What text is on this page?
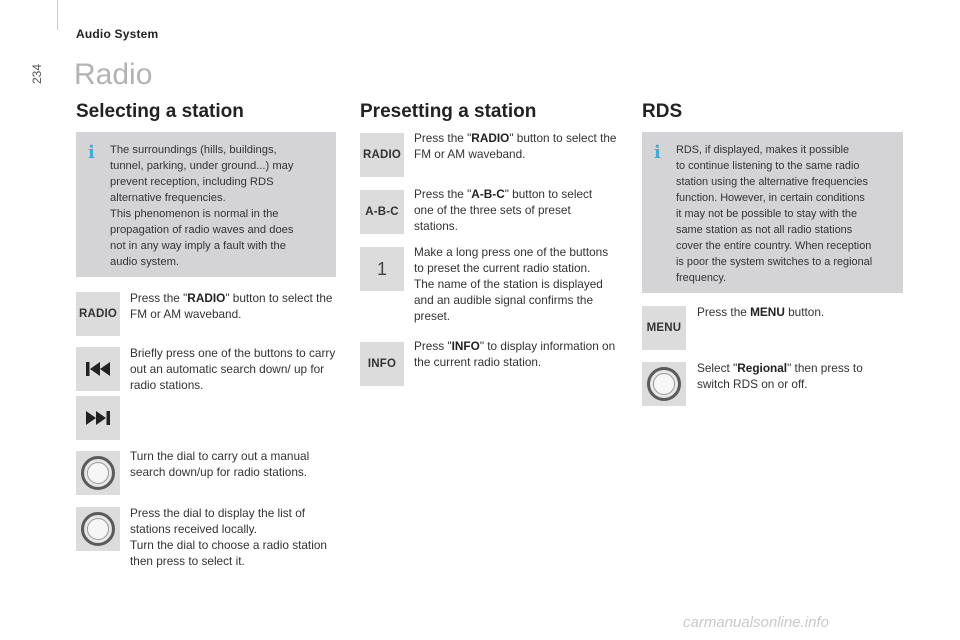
234
Audio System
Radio
Selecting a station
i The surroundings (hills, buildings,
tunnel, parking, under ground...) may
prevent reception, including RDS
alternative frequencies.
This phenomenon is normal in the
propagation of radio waves and does
not in any way imply a fault with the
audio system.
RADIO
Press the "RADIO" button to select the FM or AM waveband.
Briefly press one of the buttons to carry out an automatic search down/ up for radio stations.
Turn the dial to carry out a manual search down/up for radio stations.
Press the dial to display the list of stations received locally.
Turn the dial to choose a radio station then press to select it.
Presetting a station
RADIO
Press the "RADIO" button to select the FM or AM waveband.
A-B-C
Press the "A-B-C" button to select one of the three sets of preset stations.
1
Make a long press one of the buttons to preset the current radio station.
The name of the station is displayed and an audible signal confirms the preset.
INFO
Press "INFO" to display information on the current radio station.
RDS
i RDS, if displayed, makes it possible
to continue listening to the same radio
station using the alternative frequencies
function. However, in certain conditions
it may not be possible to stay with the
same station as not all radio stations
cover the entire country. When reception
is poor the system switches to a regional
frequency.
MENU
Press the MENU button.
Select "Regional" then press to switch RDS on or off.
carmanualsonline.info
